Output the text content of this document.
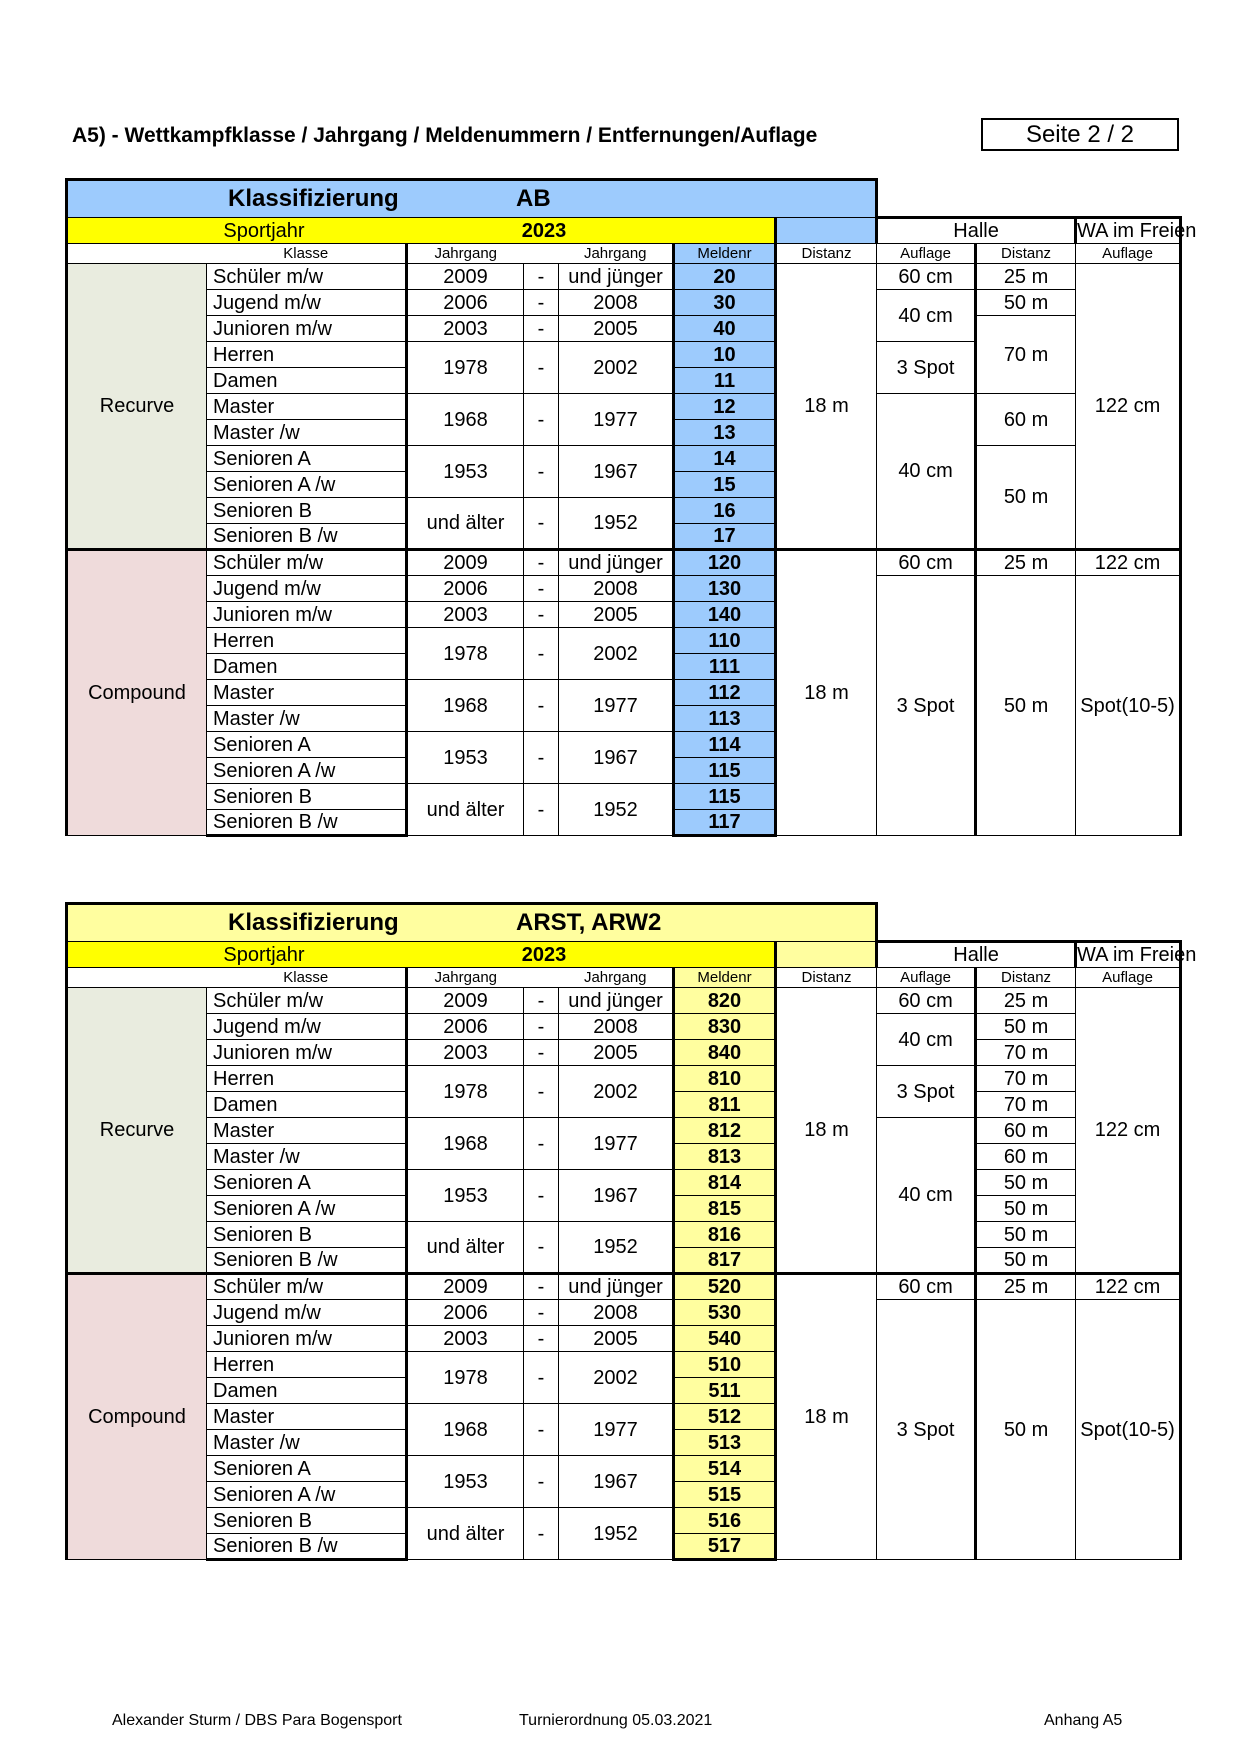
A5) - Wettkampfklasse / Jahrgang / Meldenummern / Entfernungen/Auflage	Seite 2 / 2
Klassifizierung AB									

Sportjahr 2023							Halle		WA im Freien
	Klasse	Jahrgang		Jahrgang	Meldenr	Distanz	Auflage	Distanz	Auflage
Recurve	Schüler m/w	2009	-	und jünger	20	18 m	60 cm	25 m	122 cm
	Jugend m/w	2006	-	2008	30		40 cm	50 m	
	Junioren m/w	2003	-	2005	40			70 m	
	Herren	1978	-	2002	10		3 Spot		
	Damen				11				
	Master	1968	-	1977	12		40 cm	60 m	
	Master /w				13				
	Senioren A	1953	-	1967	14			50 m	
	Senioren A /w				15				
	Senioren B	und älter	-	1952	16				
	Senioren B /w				17				
Compound	Schüler m/w	2009	-	und jünger	120	18 m	60 cm	25 m	122 cm
	Jugend m/w	2006	-	2008	130		3 Spot	50 m	Spot(10-5)
	Junioren m/w	2003	-	2005	140				
	Herren	1978	-	2002	110				
	Damen				111				
	Master	1968	-	1977	112				
	Master /w				113				
	Senioren A	1953	-	1967	114				
	Senioren A /w				115				
	Senioren B	und älter	-	1952	115				
	Senioren B /w				117				
Klassifizierung ARST, ARW2									

Sportjahr 2023							Halle		WA im Freien
	Klasse	Jahrgang		Jahrgang	Meldenr	Distanz	Auflage	Distanz	Auflage
Recurve	Schüler m/w	2009	-	und jünger	820	18 m	60 cm	25 m	122 cm
	Jugend m/w	2006	-	2008	830		40 cm	50 m	
	Junioren m/w	2003	-	2005	840			70 m	
	Herren	1978	-	2002	810		3 Spot	70 m	
	Damen				811			70 m	
	Master	1968	-	1977	812		40 cm	60 m	
	Master /w				813			60 m	
	Senioren A	1953	-	1967	814			50 m	
	Senioren A /w				815			50 m	
	Senioren B	und älter	-	1952	816			50 m	
	Senioren B /w				817			50 m	
Compound	Schüler m/w	2009	-	und jünger	520	18 m	60 cm	25 m	122 cm
	Jugend m/w	2006	-	2008	530		3 Spot	50 m	Spot(10-5)
	Junioren m/w	2003	-	2005	540				
	Herren	1978	-	2002	510				
	Damen				511				
	Master	1968	-	1977	512				
	Master /w				513				
	Senioren A	1953	-	1967	514				
	Senioren A /w				515				
	Senioren B	und älter	-	1952	516				
	Senioren B /w				517				
Alexander Sturm / DBS Para Bogensport	Turnierordnung 05.03.2021	Anhang A5
